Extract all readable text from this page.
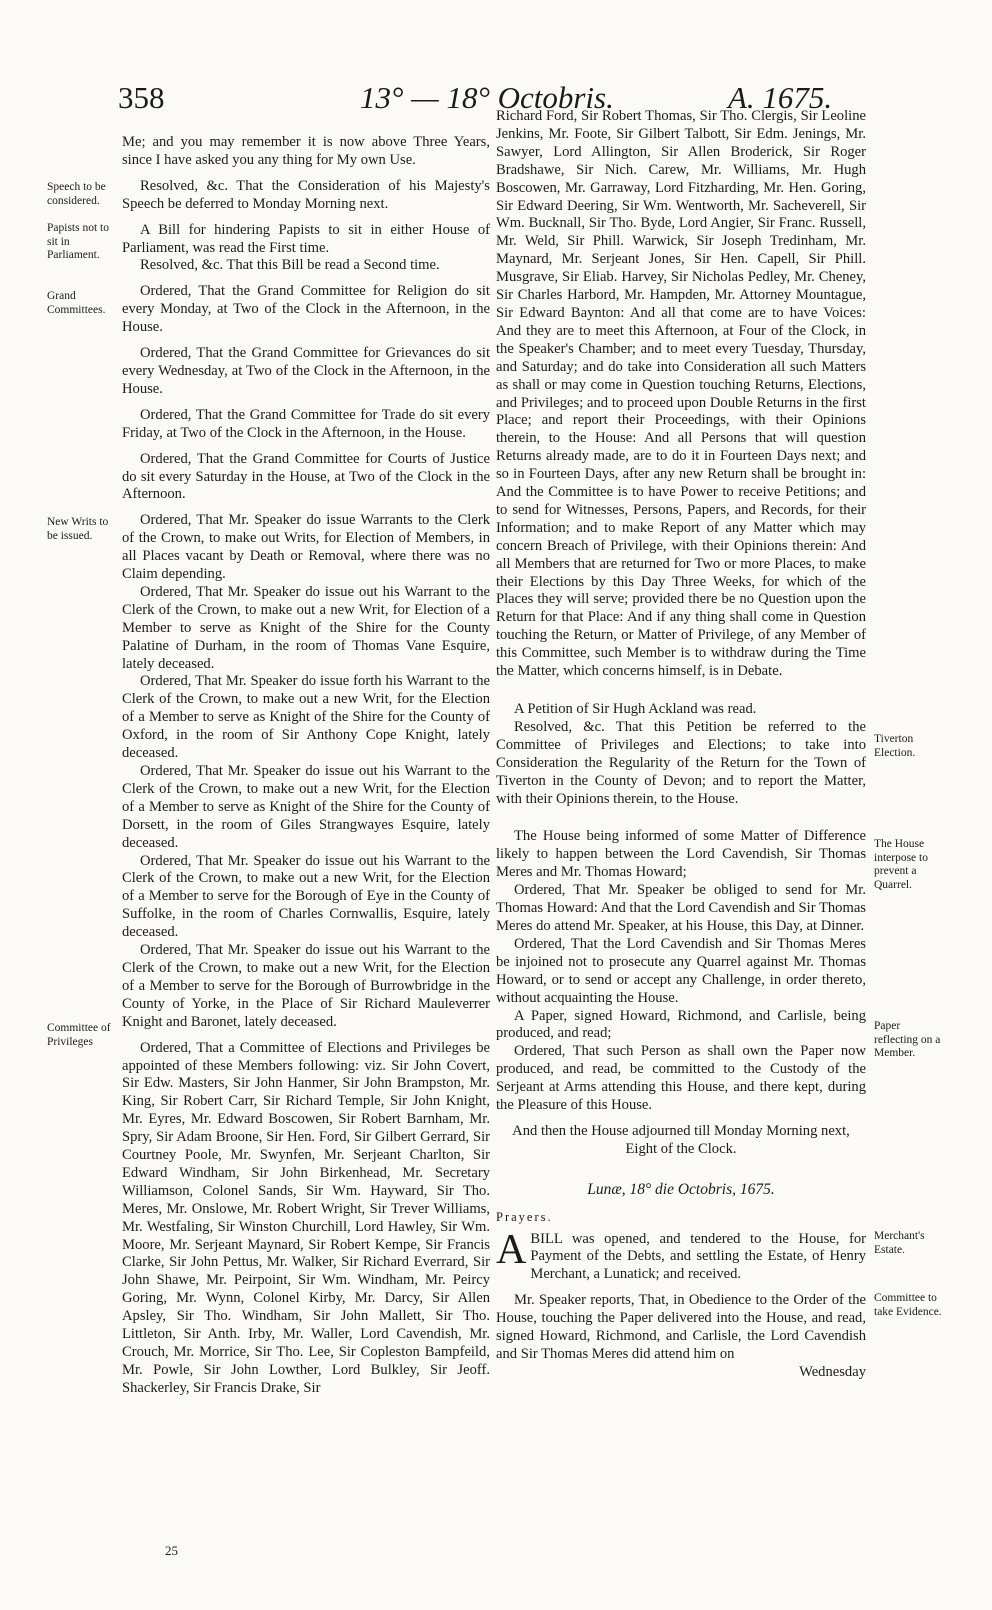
358	13° — 18° Octobris.	A. 1675.

Me; and you may remember it is now above Three Years, since I have asked you any thing for My own Use.

Resolved, &c. That the Consideration of his Majesty's Speech be deferred to Monday Morning next.

A Bill for hindering Papists to sit in either House of Parliament, was read the First time.

Resolved, &c. That this Bill be read a Second time.

Ordered, That the Grand Committee for Religion do sit every Monday, at Two of the Clock in the Afternoon, in the House.

Ordered, That the Grand Committee for Grievances do sit every Wednesday, at Two of the Clock in the Afternoon, in the House.

Ordered, That the Grand Committee for Trade do sit every Friday, at Two of the Clock in the Afternoon, in the House.

Ordered, That the Grand Committee for Courts of Justice do sit every Saturday in the House, at Two of the Clock in the Afternoon.

Ordered, That Mr. Speaker do issue Warrants to the Clerk of the Crown, to make out Writs, for Election of Members, in all Places vacant by Death or Removal, where there was no Claim depending.

Ordered, That Mr. Speaker do issue out his Warrant to the Clerk of the Crown, to make out a new Writ, for Election of a Member to serve as Knight of the Shire for the County Palatine of Durham, in the room of Thomas Vane Esquire, lately deceased.

Ordered, That Mr. Speaker do issue forth his Warrant to the Clerk of the Crown, to make out a new Writ, for the Election of a Member to serve as Knight of the Shire for the County of Oxford, in the room of Sir Anthony Cope Knight, lately deceased.

Ordered, That Mr. Speaker do issue out his Warrant to the Clerk of the Crown, to make out a new Writ, for the Election of a Member to serve as Knight of the Shire for the County of Dorsett, in the room of Giles Strangwayes Esquire, lately deceased.

Ordered, That Mr. Speaker do issue out his Warrant to the Clerk of the Crown, to make out a new Writ, for the Election of a Member to serve for the Borough of Eye in the County of Suffolke, in the room of Charles Cornwallis, Esquire, lately deceased.

Ordered, That Mr. Speaker do issue out his Warrant to the Clerk of the Crown, to make out a new Writ, for the Election of a Member to serve for the Borough of Burrowbridge in the County of Yorke, in the Place of Sir Richard Mauleverrer Knight and Baronet, lately deceased.

Ordered, That a Committee of Elections and Privileges be appointed of these Members following: viz. Sir John Covert, Sir Edw. Masters, Sir John Hanmer, Sir John Brampston, Mr. King, Sir Robert Carr, Sir Richard Temple, Sir John Knight, Mr. Eyres, Mr. Edward Boscowen, Sir Robert Barnham, Mr. Spry, Sir Adam Broone, Sir Hen. Ford, Sir Gilbert Gerrard, Sir Courtney Poole, Mr. Swynfen, Mr. Serjeant Charlton, Sir Edward Windham, Sir John Birkenhead, Mr. Secretary Williamson, Colonel Sands, Sir Wm. Hayward, Sir Tho. Meres, Mr. Onslowe, Mr. Robert Wright, Sir Trever Williams, Mr. Westfaling, Sir Winston Churchill, Lord Hawley, Sir Wm. Moore, Mr. Serjeant Maynard, Sir Robert Kempe, Sir Francis Clarke, Sir John Pettus, Mr. Walker, Sir Richard Everrard, Sir John Shawe, Mr. Peirpoint, Sir Wm. Windham, Mr. Peircy Goring, Mr. Wynn, Colonel Kirby, Mr. Darcy, Sir Allen Apsley, Sir Tho. Windham, Sir John Mallett, Sir Tho. Littleton, Sir Anth. Irby, Mr. Waller, Lord Cavendish, Mr. Crouch, Mr. Morrice, Sir Tho. Lee, Sir Copleston Bampfeild, Mr. Powle, Sir John Lowther, Lord Bulkley, Sir Jeoff. Shackerley, Sir Francis Drake, Sir

Richard Ford, Sir Robert Thomas, Sir Tho. Clergis, Sir Leoline Jenkins, Mr. Foote, Sir Gilbert Talbott, Sir Edm. Jenings, Mr. Sawyer, Lord Allington, Sir Allen Broderick, Sir Roger Bradshawe, Sir Nich. Carew, Mr. Williams, Mr. Hugh Boscowen, Mr. Garraway, Lord Fitzharding, Mr. Hen. Goring, Sir Edward Deering, Sir Wm. Wentworth, Mr. Sacheverell, Sir Wm. Bucknall, Sir Tho. Byde, Lord Angier, Sir Franc. Russell, Mr. Weld, Sir Phill. Warwick, Sir Joseph Tredinham, Mr. Maynard, Mr. Serjeant Jones, Sir Hen. Capell, Sir Phill. Musgrave, Sir Eliab. Harvey, Sir Nicholas Pedley, Mr. Cheney, Sir Charles Harbord, Mr. Hampden, Mr. Attorney Mountague, Sir Edward Baynton: And all that come are to have Voices: And they are to meet this Afternoon, at Four of the Clock, in the Speaker's Chamber; and to meet every Tuesday, Thursday, and Saturday; and do take into Consideration all such Matters as shall or may come in Question touching Returns, Elections, and Privileges; and to proceed upon Double Returns in the first Place; and report their Proceedings, with their Opinions therein, to the House: And all Persons that will question Returns already made, are to do it in Fourteen Days next; and so in Fourteen Days, after any new Return shall be brought in: And the Committee is to have Power to receive Petitions; and to send for Witnesses, Persons, Papers, and Records, for their Information; and to make Report of any Matter which may concern Breach of Privilege, with their Opinions therein: And all Members that are returned for Two or more Places, to make their Elections by this Day Three Weeks, for which of the Places they will serve; provided there be no Question upon the Return for that Place: And if any thing shall come in Question touching the Return, or Matter of Privilege, of any Member of this Committee, such Member is to withdraw during the Time the Matter, which concerns himself, is in Debate.

A Petition of Sir Hugh Ackland was read.

Resolved, &c. That this Petition be referred to the Committee of Privileges and Elections; to take into Consideration the Regularity of the Return for the Town of Tiverton in the County of Devon; and to report the Matter, with their Opinions therein, to the House.

The House being informed of some Matter of Difference likely to happen between the Lord Cavendish, Sir Thomas Meres and Mr. Thomas Howard;

Ordered, That Mr. Speaker be obliged to send for Mr. Thomas Howard: And that the Lord Cavendish and Sir Thomas Meres do attend Mr. Speaker, at his House, this Day, at Dinner.

Ordered, That the Lord Cavendish and Sir Thomas Meres be injoined not to prosecute any Quarrel against Mr. Thomas Howard, or to send or accept any Challenge, in order thereto, without acquainting the House.

A Paper, signed Howard, Richmond, and Carlisle, being produced, and read;

Ordered, That such Person as shall own the Paper now produced, and read, be committed to the Custody of the Serjeant at Arms attending this House, and there kept, during the Pleasure of this House.

And then the House adjourned till Monday Morning next, Eight of the Clock.

Lunæ, 18° die Octobris, 1675.
Prayers.

ABILL was opened, and tendered to the House, for Payment of the Debts, and settling the Estate, of Henry Merchant, a Lunatick; and received.

Mr. Speaker reports, That, in Obedience to the Order of the House, touching the Paper delivered into the House, and read, signed Howard, Richmond, and Carlisle, the Lord Cavendish and Sir Thomas Meres did attend him on

Wednesday

Speech to be considered.
Papists not to sit in Parliament.
Grand Committees.
New Writs to be issued.
Committee of Privileges
Tiverton Election.
The House interpose to prevent a Quarrel.
Paper reflecting on a Member.
Merchant's Estate.
Committee to take Evidence.
25
